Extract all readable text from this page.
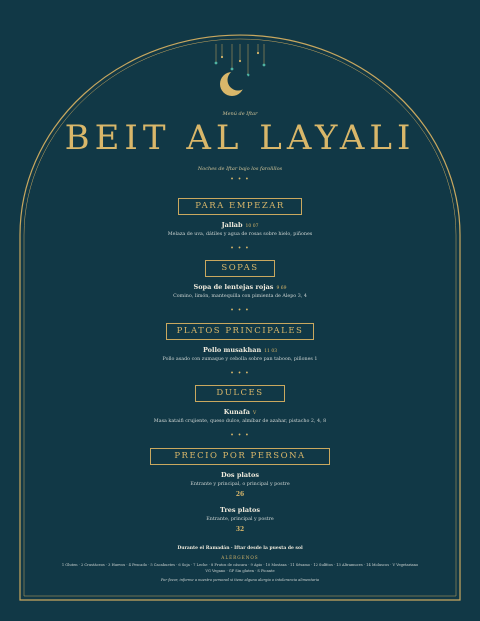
Menú de Iftar
BEIT AL LAYALI
Noches de Iftar bajo los farolillos
• • •
PARA EMPEZAR
Jallab 10 07
Melaza de uva, dátiles y agua de rosas sobre hielo, piñones
• • •
SOPAS
Sopa de lentejas rojas 9 69
Comino, limón, mantequilla con pimienta de Alepo 3, 4
• • •
PLATOS PRINCIPALES
Pollo musakhan 11 03
Pollo asado con zumaque y cebolla sobre pan taboon, piñones 1
• • •
DULCES
Kunafa V
Masa kataifi crujiente, queso dulce, almíbar de azahar, pistacho 2, 4, 8
• • •
PRECIO POR PERSONA
Dos platos
Entrante y principal, o principal y postre
26
Tres platos
Entrante, principal y postre
32
Durante el Ramadán · Iftar desde la puesta de sol
ALÉRGENOS
1 Gluten · 2 Crustáceos · 3 Huevos · 4 Pescado · 5 Cacahuetes · 6 Soja · 7 Leche · 8 Frutos de cáscara · 9 Apio · 10 Mostaza · 11 Sésamo · 12 Sulfitos · 13 Altramuces · 14 Moluscos · V Vegetariano
VG Vegano · GF Sin gluten · S Picante
Por favor, informe a nuestro personal si tiene alguna alergia o intolerancia alimentaria
